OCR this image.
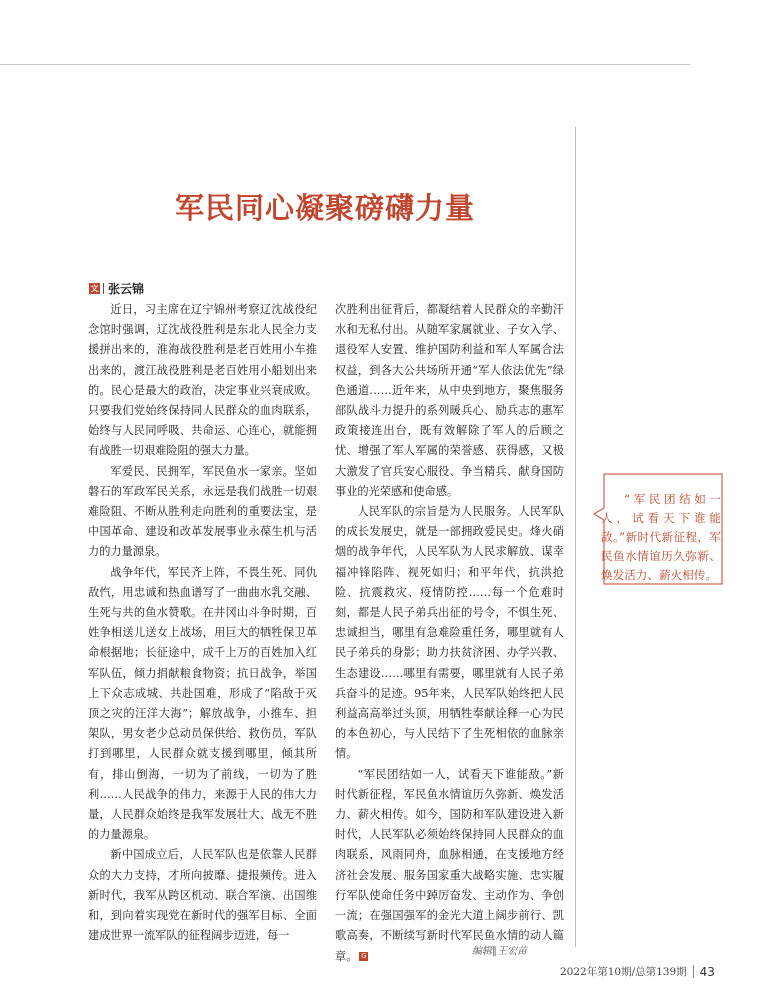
军民同心凝聚磅礴力量
文 张云锦

近日，习主席在辽宁锦州考察辽沈战役纪念馆时强调，辽沈战役胜利是东北人民全力支援拼出来的，淮海战役胜利是老百姓用小车推出来的，渡江战役胜利是老百姓用小船划出来的。民心是最大的政治，决定事业兴衰成败。只要我们党始终保持同人民群众的血肉联系，始终与人民同呼吸、共命运、心连心，就能拥有战胜一切艰难险阻的强大力量。

军爱民、民拥军，军民鱼水一家亲。坚如磐石的军政军民关系，永远是我们战胜一切艰难险阻、不断从胜利走向胜利的重要法宝，是中国革命、建设和改革发展事业永葆生机与活力的力量源泉。

战争年代，军民齐上阵，不畏生死、同仇敌忾，用忠诚和热血谱写了一曲曲水乳交融、生死与共的鱼水赞歌。在井冈山斗争时期，百姓争相送儿送女上战场，用巨大的牺牲保卫革命根据地；长征途中，成千上万的百姓加入红军队伍，倾力捐献粮食物资；抗日战争，举国上下众志成城、共赴国难，形成了“陷敌于灭顶之灾的汪洋大海”；解放战争，小推车、担架队，男女老少总动员保供给、救伤员，军队打到哪里，人民群众就支援到哪里，倾其所有，排山倒海，一切为了前线，一切为了胜利……人民战争的伟力，来源于人民的伟大力量，人民群众始终是我军发展壮大、战无不胜的力量源泉。

新中国成立后，人民军队也是依靠人民群众的大力支持，才所向披靡、捷报频传。进入新时代，我军从跨区机动、联合军演、出国维和，到向着实现党在新时代的强军目标、全面建成世界一流军队的征程阔步迈进，每一

次胜利出征背后，都凝结着人民群众的辛勤汗水和无私付出。从随军家属就业、子女入学、退役军人安置、维护国防利益和军人军属合法权益，到各大公共场所开通“军人依法优先”绿色通道……近年来，从中央到地方，聚焦服务部队战斗力提升的系列暖兵心、励兵志的惠军政策接连出台，既有效解除了军人的后顾之忧、增强了军人军属的荣誉感、获得感，又极大激发了官兵安心服役、争当精兵、献身国防事业的光荣感和使命感。

人民军队的宗旨是为人民服务。人民军队的成长发展史，就是一部拥政爱民史。烽火硝烟的战争年代，人民军队为人民求解放、谋幸福冲锋陷阵、视死如归；和平年代，抗洪抢险、抗震救灾、疫情防控……每一个危难时刻，都是人民子弟兵出征的号令，不惧生死、忠诚担当，哪里有急难险重任务，哪里就有人民子弟兵的身影；助力扶贫济困、办学兴教、生态建设……哪里有需要，哪里就有人民子弟兵奋斗的足迹。95年来，人民军队始终把人民利益高高举过头顶，用牺牲奉献诠释一心为民的本色初心，与人民结下了生死相依的血脉亲情。

“军民团结如一人，试看天下谁能敌。”新时代新征程，军民鱼水情谊历久弥新、焕发活力、薪火相传。如今，国防和军队建设进入新时代，人民军队必须始终保持同人民群众的血肉联系，风雨同舟，血脉相通，在支援地方经济社会发展、服务国家重大战略实施、忠实履行军队使命任务中踔厉奋发、主动作为、争创一流；在强国强军的金光大道上阔步前行、凯歌高奏，不断续写新时代军民鱼水情的动人篇章。 G	编辑∥王宏苗
“军民团结如一人，试看天下谁能敌。”新时代新征程，军民鱼水情谊历久弥新、焕发活力、薪火相传。
2022年第10期/总第139期 43
